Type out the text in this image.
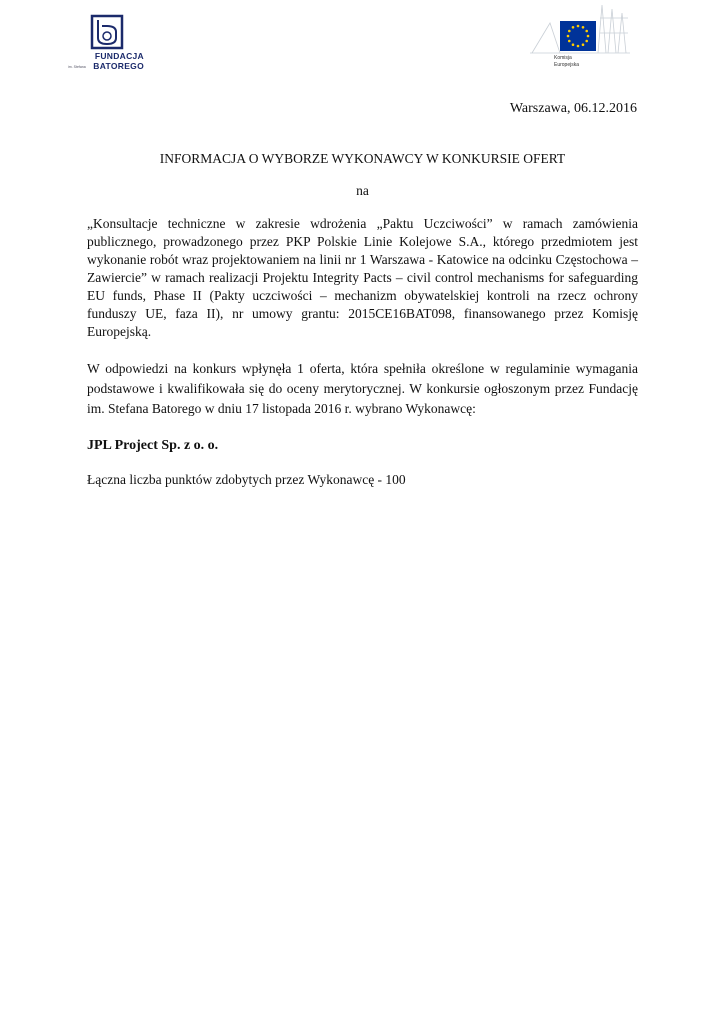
FUNDACJA
BATOREGO
im. Stefana
Komisja
Europejska
Warszawa, 06.12.2016
INFORMACJA O WYBORZE WYKONAWCY W KONKURSIE OFERT
na
„Konsultacje techniczne w zakresie wdrożenia „Paktu Uczciwości” w ramach zamówienia publicznego, prowadzonego przez PKP Polskie Linie Kolejowe S.A., którego przedmiotem jest wykonanie robót wraz projektowaniem na linii nr 1 Warszawa - Katowice na odcinku Częstochowa – Zawiercie” w ramach realizacji Projektu Integrity Pacts – civil control mechanisms for safeguarding EU funds, Phase II (Pakty uczciwości – mechanizm obywatelskiej kontroli na rzecz ochrony funduszy UE, faza II), nr umowy grantu: 2015CE16BAT098, finansowanego przez Komisję Europejską.
W odpowiedzi na konkurs wpłynęła 1 oferta, która spełniła określone w regulaminie wymagania podstawowe i kwalifikowała się do oceny merytorycznej. W konkursie ogłoszonym przez Fundację im. Stefana Batorego w dniu 17 listopada 2016 r. wybrano Wykonawcę:
JPL Project Sp. z o. o.
Łączna liczba punktów zdobytych przez Wykonawcę - 100
